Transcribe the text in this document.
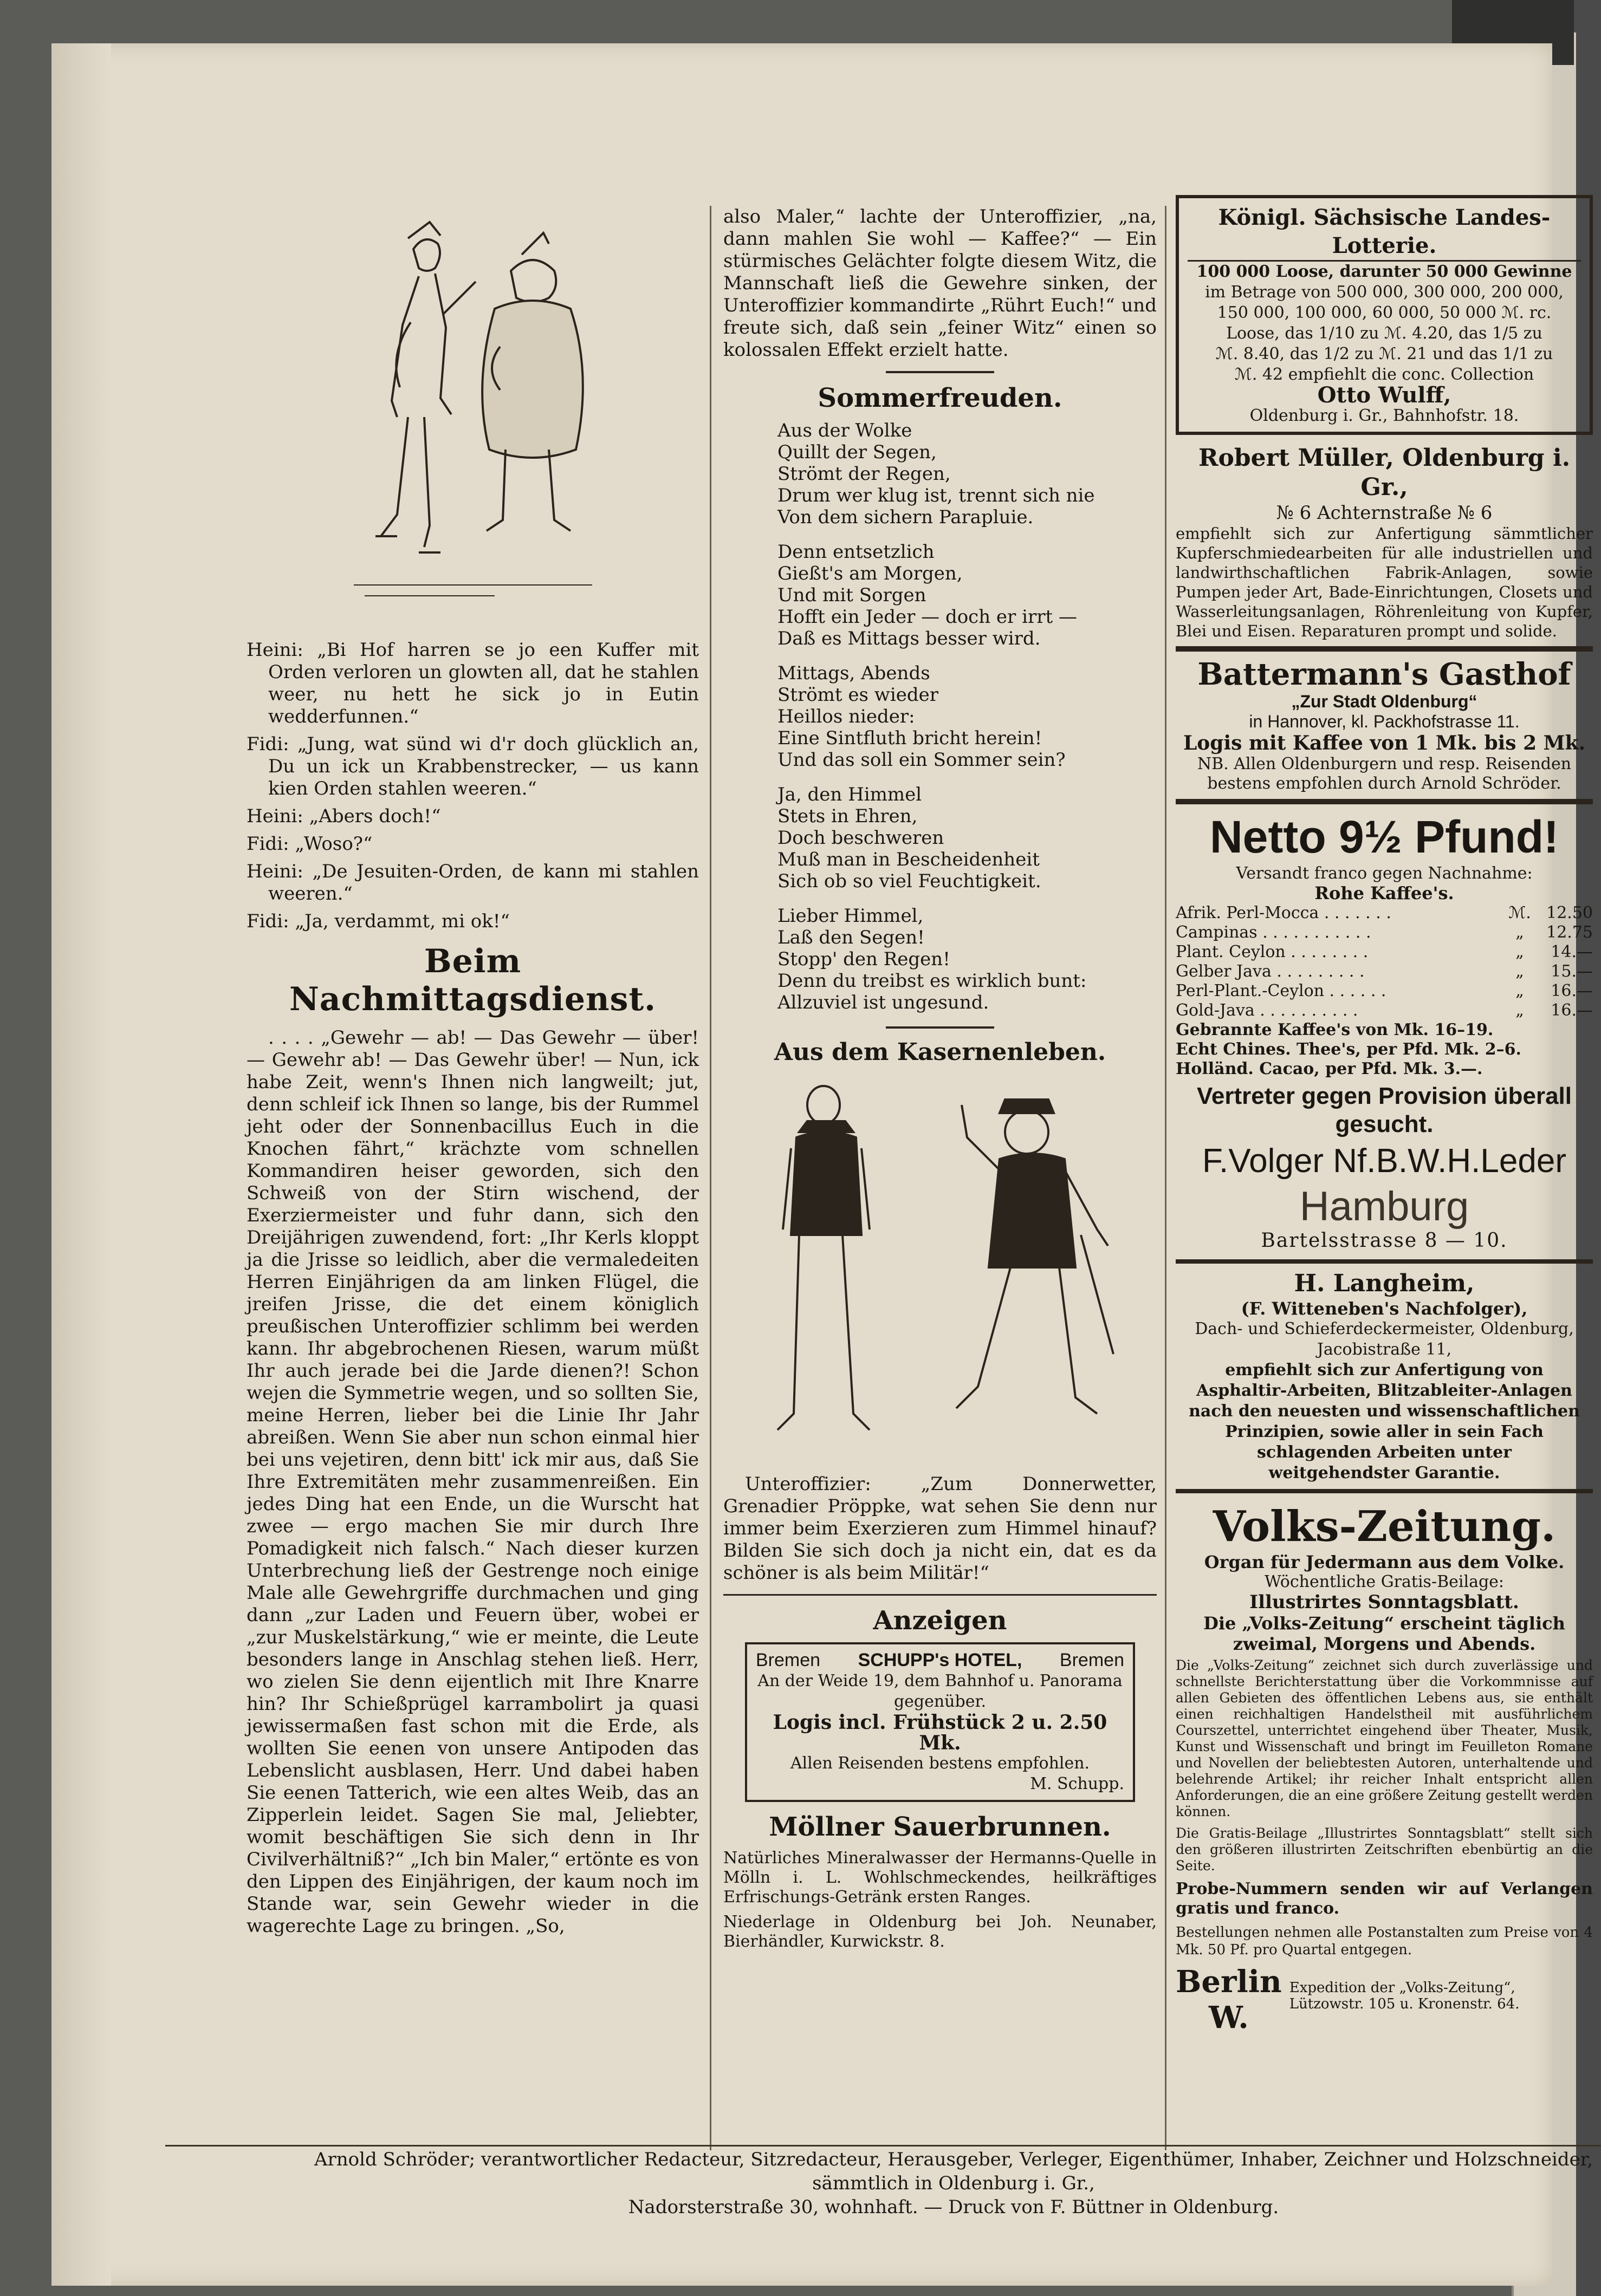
Heini: „Bi Hof harren se jo een Kuffer mit Orden verloren un glowten all, dat he stahlen weer, nu hett he sick jo in Eutin wedderfunnen.“

Fidi: „Jung, wat sünd wi d'r doch glücklich an, Du un ick un Krabbenstrecker, — us kann kien Orden stahlen weeren.“

Heini: „Abers doch!“

Fidi: „Woso?“

Heini: „De Jesuiten-Orden, de kann mi stahlen weeren.“

Fidi: „Ja, verdammt, mi ok!“

Beim Nachmittagsdienst.

. . . . „Gewehr — ab! — Das Gewehr — über! — Gewehr ab! — Das Gewehr über! — Nun, ick habe Zeit, wenn's Ihnen nich langweilt; jut, denn schleif ick Ihnen so lange, bis der Rummel jeht oder der Sonnenbacillus Euch in die Knochen fährt,“ krächzte vom schnellen Kommandiren heiser geworden, sich den Schweiß von der Stirn wischend, der Exerziermeister und fuhr dann, sich den Dreijährigen zuwendend, fort: „Ihr Kerls kloppt ja die Jrisse so leidlich, aber die vermaledeiten Herren Einjährigen da am linken Flügel, die jreifen Jrisse, die det einem königlich preußischen Unteroffizier schlimm bei werden kann. Ihr abgebrochenen Riesen, warum müßt Ihr auch jerade bei die Jarde dienen?! Schon wejen die Symmetrie wegen, und so sollten Sie, meine Herren, lieber bei die Linie Ihr Jahr abreißen. Wenn Sie aber nun schon einmal hier bei uns vejetiren, denn bitt' ick mir aus, daß Sie Ihre Extremitäten mehr zusammenreißen. Ein jedes Ding hat een Ende, un die Wurscht hat zwee — ergo machen Sie mir durch Ihre Pomadigkeit nich falsch.“ Nach dieser kurzen Unterbrechung ließ der Gestrenge noch einige Male alle Gewehrgriffe durchmachen und ging dann „zur Laden und Feuern über, wobei er „zur Muskelstärkung,“ wie er meinte, die Leute besonders lange in Anschlag stehen ließ. Herr, wo zielen Sie denn eijentlich mit Ihre Knarre hin? Ihr Schießprügel karrambolirt ja quasi jewissermaßen fast schon mit die Erde, als wollten Sie eenen von unsere Antipoden das Lebenslicht ausblasen, Herr. Und dabei haben Sie eenen Tatterich, wie een altes Weib, das an Zipperlein leidet. Sagen Sie mal, Jeliebter, womit beschäftigen Sie sich denn in Ihr Civilverhältniß?“ „Ich bin Maler,“ ertönte es von den Lippen des Einjährigen, der kaum noch im Stande war, sein Gewehr wieder in die wagerechte Lage zu bringen. „So,

also Maler,“ lachte der Unteroffizier, „na, dann mahlen Sie wohl — Kaffee?“ — Ein stürmisches Gelächter folgte diesem Witz, die Mannschaft ließ die Gewehre sinken, der Unteroffizier kommandirte „Rührt Euch!“ und freute sich, daß sein „feiner Witz“ einen so kolossalen Effekt erzielt hatte.

Sommerfreuden.
Aus der Wolke
Quillt der Segen,
Strömt der Regen,
Drum wer klug ist, trennt sich nie
Von dem sichern Parapluie.
Denn entsetzlich
Gießt's am Morgen,
Und mit Sorgen
Hofft ein Jeder — doch er irrt —
Daß es Mittags besser wird.
Mittags, Abends
Strömt es wieder
Heillos nieder:
Eine Sintfluth bricht herein!
Und das soll ein Sommer sein?
Ja, den Himmel
Stets in Ehren,
Doch beschweren
Muß man in Bescheidenheit
Sich ob so viel Feuchtigkeit.
Lieber Himmel,
Laß den Segen!
Stopp' den Regen!
Denn du treibst es wirklich bunt:
Allzuviel ist ungesund.
Aus dem Kasernenleben.

Unteroffizier: „Zum Donnerwetter, Grenadier Pröppke, wat sehen Sie denn nur immer beim Exerzieren zum Himmel hinauf? Bilden Sie sich doch ja nicht ein, dat es da schöner is als beim Militär!“

Anzeigen
Bremen SCHUPP's HOTEL, Bremen
An der Weide 19, dem Bahnhof u. Panorama gegenüber.
Logis incl. Frühstück 2 u. 2.50 Mk.
Allen Reisenden bestens empfohlen.
M. Schupp.
Möllner Sauerbrunnen.

Natürliches Mineralwasser der Hermanns-Quelle in Mölln i. L. Wohlschmeckendes, heilkräftiges Erfrischungs-Getränk ersten Ranges.

Niederlage in Oldenburg bei Joh. Neunaber, Bierhändler, Kurwickstr. 8.

Königl. Sächsische Landes-Lotterie.
100 000 Loose, darunter 50 000 Gewinne
im Betrage von 500 000, 300 000, 200 000,
150 000, 100 000, 60 000, 50 000 ℳ. rc.
Loose, das 1/10 zu ℳ. 4.20, das 1/5 zu
ℳ. 8.40, das 1/2 zu ℳ. 21 und das 1/1 zu
ℳ. 42 empfiehlt die conc. Collection
Otto Wulff,
Oldenburg i. Gr., Bahnhofstr. 18.
Robert Müller, Oldenburg i. Gr.,
№ 6 Achternstraße № 6

empfiehlt sich zur Anfertigung sämmtlicher Kupferschmiedearbeiten für alle industriellen und landwirthschaftlichen Fabrik-Anlagen, sowie Pumpen jeder Art, Bade-Einrichtungen, Closets und Wasserleitungsanlagen, Röhrenleitung von Kupfer, Blei und Eisen. Reparaturen prompt und solide.

Battermann's Gasthof
„Zur Stadt Oldenburg“
in Hannover, kl. Packhofstrasse 11.
Logis mit Kaffee von 1 Mk. bis 2 Mk.

NB. Allen Oldenburgern und resp. Reisenden bestens empfohlen durch Arnold Schröder.

Netto 9½ Pfund!
Versandt franco gegen Nachnahme:
Rohe Kaffee's.
Afrik. Perl-Mocca . . . . . . .	ℳ. 12.50
Campinas . . . . . . . . . . .	„	12.75
Plant. Ceylon . . . . . . . .	„	14.—
Gelber Java . . . . . . . . .	„	15.—
Perl-Plant.-Ceylon . . . . . .	„	16.—
Gold-Java . . . . . . . . . .	„	16.—
Gebrannte Kaffee's von Mk. 16–19.
Echt Chines. Thee's, per Pfd. Mk. 2–6.
Holländ. Cacao, per Pfd. Mk. 3.—.
Vertreter gegen Provision überall gesucht.
F.Volger Nf.B.W.H.Leder
Hamburg
Bartelsstrasse 8 — 10.
H. Langheim,
(F. Witteneben's Nachfolger),
Dach- und Schieferdeckermeister, Oldenburg,
Jacobistraße 11,
empfiehlt sich zur Anfertigung von Asphaltir-Arbeiten, Blitzableiter-Anlagen nach den neuesten und wissenschaftlichen Prinzipien, sowie aller in sein Fach schlagenden Arbeiten unter weitgehendster Garantie.
Volks-Zeitung.
Organ für Jedermann aus dem Volke.
Wöchentliche Gratis-Beilage:
Illustrirtes Sonntagsblatt.
Die „Volks-Zeitung“ erscheint täglich zweimal, Morgens und Abends.

Die „Volks-Zeitung“ zeichnet sich durch zuverlässige und schnellste Berichterstattung über die Vorkommnisse auf allen Gebieten des öffentlichen Lebens aus, sie enthält einen reichhaltigen Handelstheil mit ausführlichem Courszettel, unterrichtet eingehend über Theater, Musik, Kunst und Wissenschaft und bringt im Feuilleton Romane und Novellen der beliebtesten Autoren, unterhaltende und belehrende Artikel; ihr reicher Inhalt entspricht allen Anforderungen, die an eine größere Zeitung gestellt werden können.

Die Gratis-Beilage „Illustrirtes Sonntagsblatt“ stellt sich den größeren illustrirten Zeitschriften ebenbürtig an die Seite.

Probe-Nummern senden wir auf Verlangen gratis und franco.

Bestellungen nehmen alle Postanstalten zum Preise von 4 Mk. 50 Pf. pro Quartal entgegen.

Berlin W.
Expedition der „Volks-Zeitung“, Lützowstr. 105 u. Kronenstr. 64.
Arnold Schröder; verantwortlicher Redacteur, Sitzredacteur, Herausgeber, Verleger, Eigenthümer, Inhaber, Zeichner und Holzschneider, sämmtlich in Oldenburg i. Gr.,
Nadorsterstraße 30, wohnhaft. — Druck von F. Büttner in Oldenburg.
